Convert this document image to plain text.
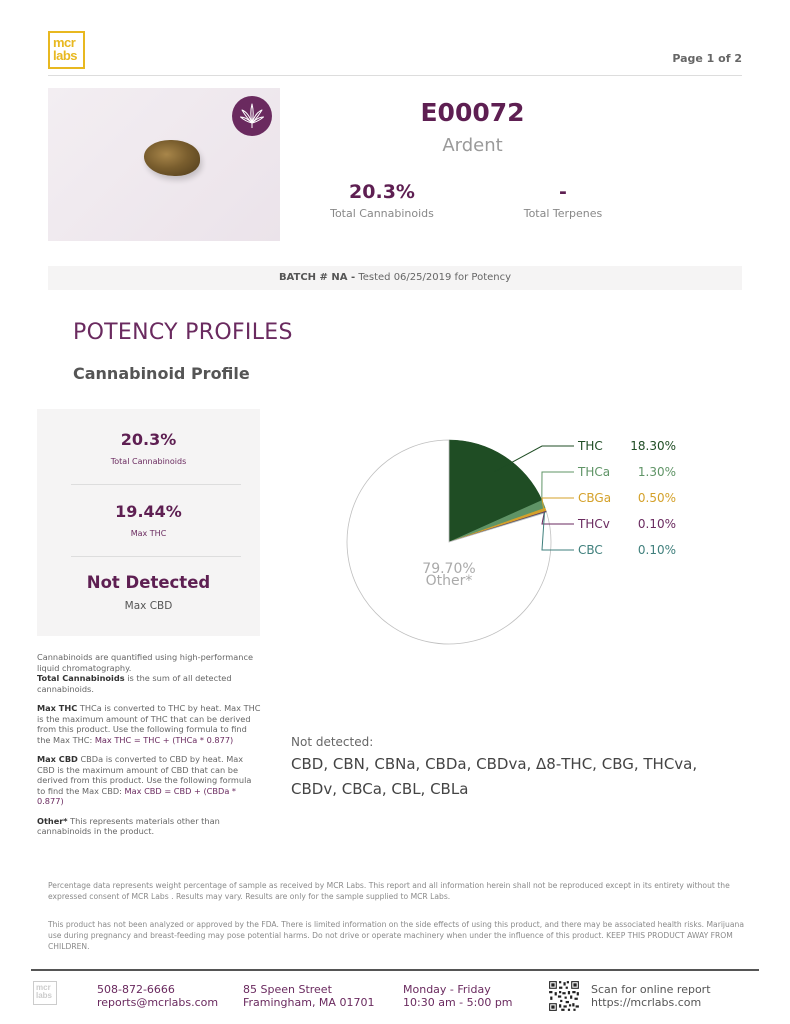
mcr labs	Page 1 of 2
E00072
Ardent
20.3%
Total Cannabinoids
-
Total Terpenes
BATCH # NA - Tested 06/25/2019 for Potency
POTENCY PROFILES
Cannabinoid Profile
20.3%
Total Cannabinoids
19.44%
Max THC
Not Detected
Max CBD

Cannabinoids are quantified using high-performance liquid chromatography.
Total Cannabinoids is the sum of all detected cannabinoids.

Max THC THCa is converted to THC by heat. Max THC is the maximum amount of THC that can be derived from this product. Use the following formula to find the Max THC: Max THC = THC + (THCa * 0.877)

Max CBD CBDa is converted to CBD by heat. Max CBD is the maximum amount of CBD that can be derived from this product. Use the following formula to find the Max CBD: Max CBD = CBD + (CBDa * 0.877)

Other* This represents materials other than cannabinoids in the product.

THC 18.30%
THCa 1.30%
CBGa 0.50%
THCv 0.10%
CBC	0.10%
79.70%
Other*
Not detected:
CBD, CBN, CBNa, CBDa, CBDva, Δ8-THC, CBG, THCva, CBDv, CBCa, CBL, CBLa
Percentage data represents weight percentage of sample as received by MCR Labs. This report and all information herein shall not be reproduced except in its entirety without the expressed consent of MCR Labs . Results may vary. Results are only for the sample supplied to MCR Labs.
This product has not been analyzed or approved by the FDA. There is limited information on the side effects of using this product, and there may be associated health risks. Marijuana use during pregnancy and breast-feeding may pose potential harms. Do not drive or operate machinery when under the influence of this product. KEEP THIS PRODUCT AWAY FROM CHILDREN.
mcr labs	508-872-6666
reports@mcrlabs.com
85 Speen Street
Framingham, MA 01701
Monday - Friday
10:30 am - 5:00 pm
Scan for online report
https://mcrlabs.com
